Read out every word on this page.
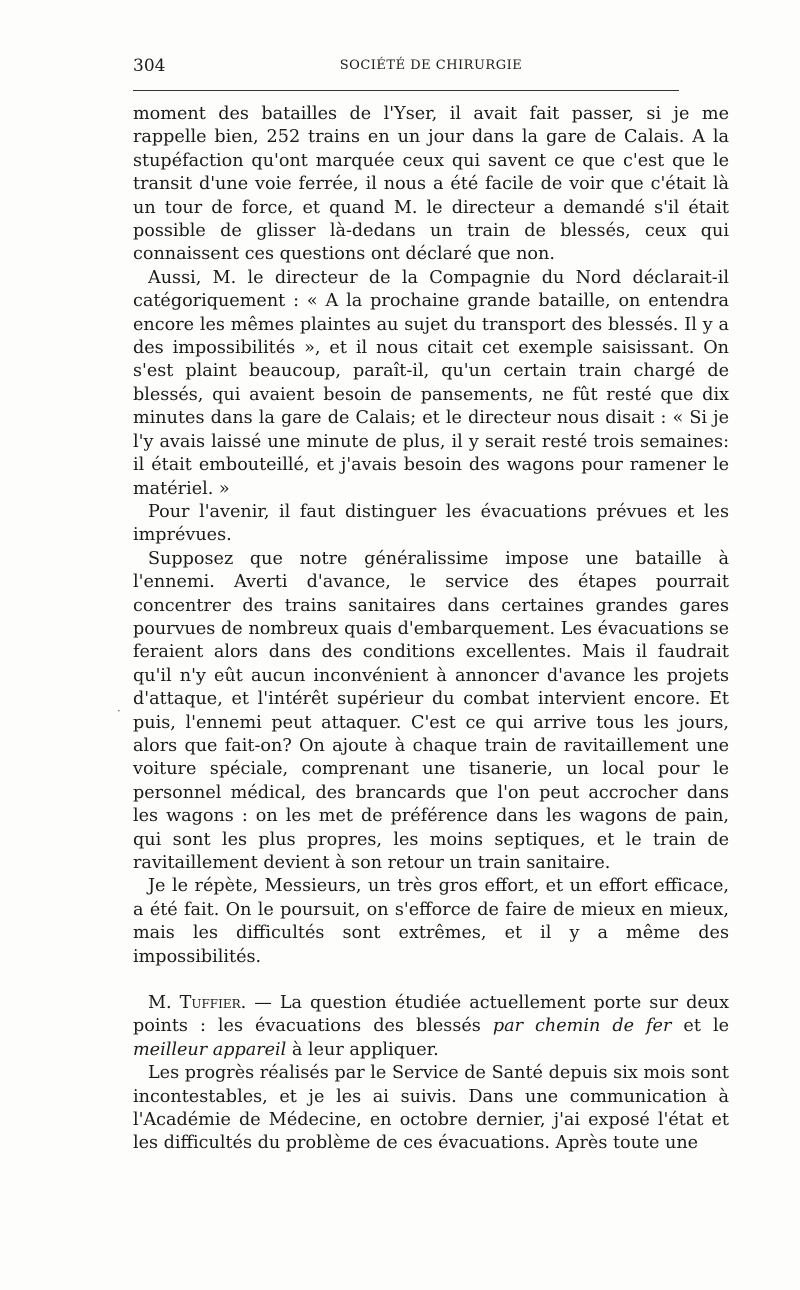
304	SOCIÉTÉ DE CHIRURGIE

moment des batailles de l'Yser, il avait fait passer, si je me rappelle bien, 252 trains en un jour dans la gare de Calais. A la stupéfaction qu'ont marquée ceux qui savent ce que c'est que le transit d'une voie ferrée, il nous a été facile de voir que c'était là un tour de force, et quand M. le directeur a demandé s'il était possible de glisser là-dedans un train de blessés, ceux qui connaissent ces questions ont déclaré que non.

Aussi, M. le directeur de la Compagnie du Nord déclarait-il catégoriquement : « A la prochaine grande bataille, on entendra encore les mêmes plaintes au sujet du transport des blessés. Il y a des impossibilités », et il nous citait cet exemple saisissant. On s'est plaint beaucoup, paraît-il, qu'un certain train chargé de blessés, qui avaient besoin de pansements, ne fût resté que dix minutes dans la gare de Calais; et le directeur nous disait : « Si je l'y avais laissé une minute de plus, il y serait resté trois semaines: il était embouteillé, et j'avais besoin des wagons pour ramener le matériel. »

Pour l'avenir, il faut distinguer les évacuations prévues et les imprévues.

Supposez que notre généralissime impose une bataille à l'ennemi. Averti d'avance, le service des étapes pourrait concentrer des trains sanitaires dans certaines grandes gares pourvues de nombreux quais d'embarquement. Les évacuations se feraient alors dans des conditions excellentes. Mais il faudrait qu'il n'y eût aucun inconvénient à annoncer d'avance les projets d'attaque, et l'intérêt supérieur du combat intervient encore. Et puis, l'ennemi peut attaquer. C'est ce qui arrive tous les jours, alors que fait-on? On ajoute à chaque train de ravitaillement une voiture spéciale, comprenant une tisanerie, un local pour le personnel médical, des brancards que l'on peut accrocher dans les wagons : on les met de préférence dans les wagons de pain, qui sont les plus propres, les moins septiques, et le train de ravitaillement devient à son retour un train sanitaire.

Je le répète, Messieurs, un très gros effort, et un effort efficace, a été fait. On le poursuit, on s'efforce de faire de mieux en mieux, mais les difficultés sont extrêmes, et il y a même des impossibilités.

M. Tuffier. — La question étudiée actuellement porte sur deux points : les évacuations des blessés par chemin de fer et le meilleur appareil à leur appliquer.

Les progrès réalisés par le Service de Santé depuis six mois sont incontestables, et je les ai suivis. Dans une communication à l'Académie de Médecine, en octobre dernier, j'ai exposé l'état et les difficultés du problème de ces évacuations. Après toute une

·
